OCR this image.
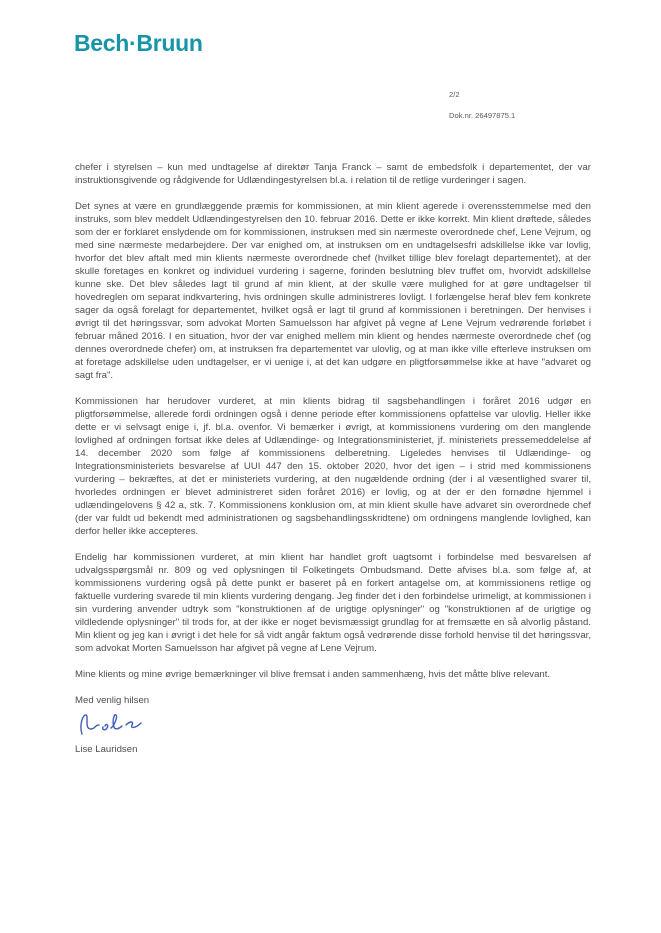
Bech·Bruun
2/2
Dok.nr. 26497875.1

chefer i styrelsen – kun med undtagelse af direktør Tanja Franck – samt de embedsfolk i departementet, der var instruktionsgivende og rådgivende for Udlændingestyrelsen bl.a. i relation til de retlige vurderinger i sagen.

Det synes at være en grundlæggende præmis for kommissionen, at min klient agerede i overensstemmelse med den instruks, som blev meddelt Udlændingestyrelsen den 10. februar 2016. Dette er ikke korrekt. Min klient drøftede, således som der er forklaret enslydende om for kommissionen, instruksen med sin nærmeste overordnede chef, Lene Vejrum, og med sine nærmeste medarbejdere. Der var enighed om, at instruksen om en undtagelsesfri adskillelse ikke var lovlig, hvorfor det blev aftalt med min klients nærmeste overordnede chef (hvilket tillige blev forelagt departementet), at der skulle foretages en konkret og individuel vurdering i sagerne, forinden beslutning blev truffet om, hvorvidt adskillelse kunne ske. Det blev således lagt til grund af min klient, at der skulle være mulighed for at gøre undtagelser til hovedreglen om separat indkvartering, hvis ordningen skulle administreres lovligt. I forlængelse heraf blev fem konkrete sager da også forelagt for departementet, hvilket også er lagt til grund af kommissionen i beretningen. Der henvises i øvrigt til det høringssvar, som advokat Morten Samuelsson har afgivet på vegne af Lene Vejrum vedrørende forløbet i februar måned 2016. I en situation, hvor der var enighed mellem min klient og hendes nærmeste overordnede chef (og dennes overordnede chefer) om, at instruksen fra departementet var ulovlig, og at man ikke ville efterleve instruksen om at foretage adskillelse uden undtagelser, er vi uenige i, at det kan udgøre en pligtforsømmelse ikke at have "advaret og sagt fra".

Kommissionen har herudover vurderet, at min klients bidrag til sagsbehandlingen i foråret 2016 udgør en pligtforsømmelse, allerede fordi ordningen også i denne periode efter kommissionens opfattelse var ulovlig. Heller ikke dette er vi selvsagt enige i, jf. bl.a. ovenfor. Vi bemærker i øvrigt, at kommissionens vurdering om den manglende lovlighed af ordningen fortsat ikke deles af Udlændinge- og Integrationsministeriet, jf. ministeriets pressemeddelelse af 14. december 2020 som følge af kommissionens delberetning. Ligeledes henvises til Udlændinge- og Integrationsministeriets besvarelse af UUI 447 den 15. oktober 2020, hvor det igen – i strid med kommissionens vurdering – bekræftes, at det er ministeriets vurdering, at den nugældende ordning (der i al væsentlighed svarer til, hvorledes ordningen er blevet administreret siden foråret 2016) er lovlig, og at der er den fornødne hjemmel i udlændingelovens § 42 a, stk. 7. Kommissionens konklusion om, at min klient skulle have advaret sin overordnede chef (der var fuldt ud bekendt med administrationen og sagsbehandlingsskridtene) om ordningens manglende lovlighed, kan derfor heller ikke accepteres.

Endelig har kommissionen vurderet, at min klient har handlet groft uagtsomt i forbindelse med besvarelsen af udvalgsspørgsmål nr. 809 og ved oplysningen til Folketingets Ombudsmand. Dette afvises bl.a. som følge af, at kommissionens vurdering også på dette punkt er baseret på en forkert antagelse om, at kommissionens retlige og faktuelle vurdering svarede til min klients vurdering dengang. Jeg finder det i den forbindelse urimeligt, at kommissionen i sin vurdering anvender udtryk som "konstruktionen af de urigtige oplysninger" og "konstruktionen af de urigtige og vildledende oplysninger" til trods for, at der ikke er noget bevismæssigt grundlag for at fremsætte en så alvorlig påstand. Min klient og jeg kan i øvrigt i det hele for så vidt angår faktum også vedrørende disse forhold henvise til det høringssvar, som advokat Morten Samuelsson har afgivet på vegne af Lene Vejrum.

Mine klients og mine øvrige bemærkninger vil blive fremsat i anden sammenhæng, hvis det måtte blive relevant.

Med venlig hilsen

Lise Lauridsen
